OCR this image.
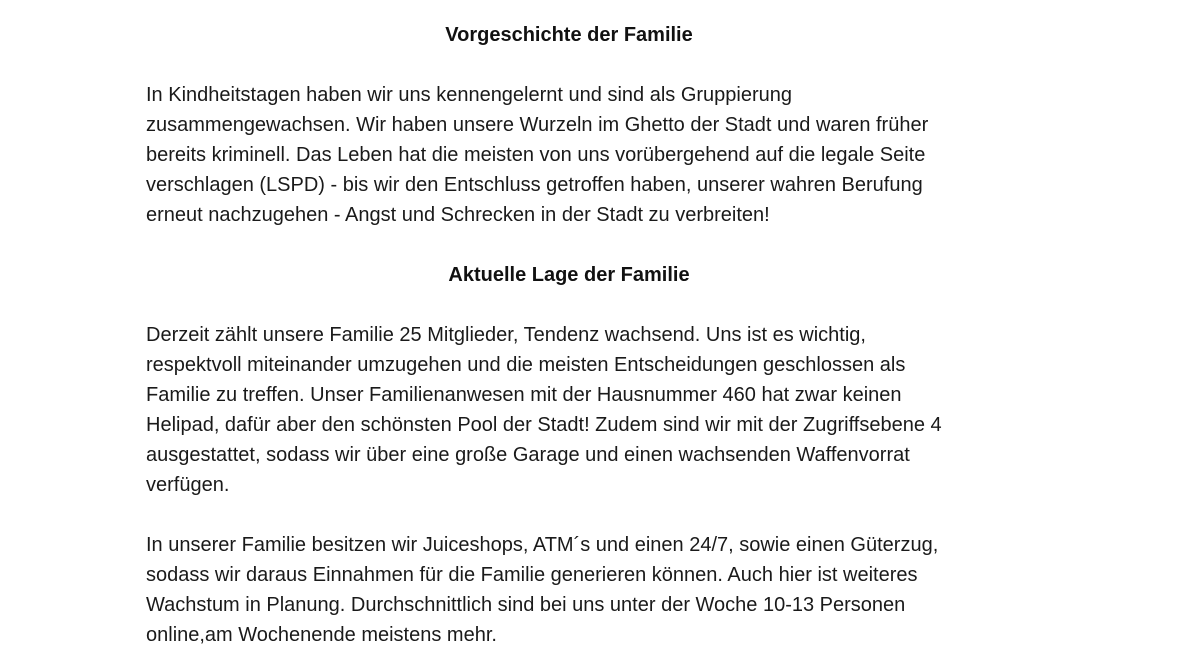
Vorgeschichte der Familie

In Kindheitstagen haben wir uns kennengelernt und sind als Gruppierung
zusammengewachsen. Wir haben unsere Wurzeln im Ghetto der Stadt und waren früher
bereits kriminell. Das Leben hat die meisten von uns vorübergehend auf die legale Seite
verschlagen (LSPD) - bis wir den Entschluss getroffen haben, unserer wahren Berufung
erneut nachzugehen - Angst und Schrecken in der Stadt zu verbreiten!

Aktuelle Lage der Familie

Derzeit zählt unsere Familie 25 Mitglieder, Tendenz wachsend. Uns ist es wichtig,
respektvoll miteinander umzugehen und die meisten Entscheidungen geschlossen als
Familie zu treffen. Unser Familienanwesen mit der Hausnummer 460 hat zwar keinen
Helipad, dafür aber den schönsten Pool der Stadt! Zudem sind wir mit der Zugriffsebene 4
ausgestattet, sodass wir über eine große Garage und einen wachsenden Waffenvorrat
verfügen.

In unserer Familie besitzen wir Juiceshops, ATM´s und einen 24/7, sowie einen Güterzug,
sodass wir daraus Einnahmen für die Familie generieren können. Auch hier ist weiteres
Wachstum in Planung. Durchschnittlich sind bei uns unter der Woche 10-13 Personen
online,am Wochenende meistens mehr.
